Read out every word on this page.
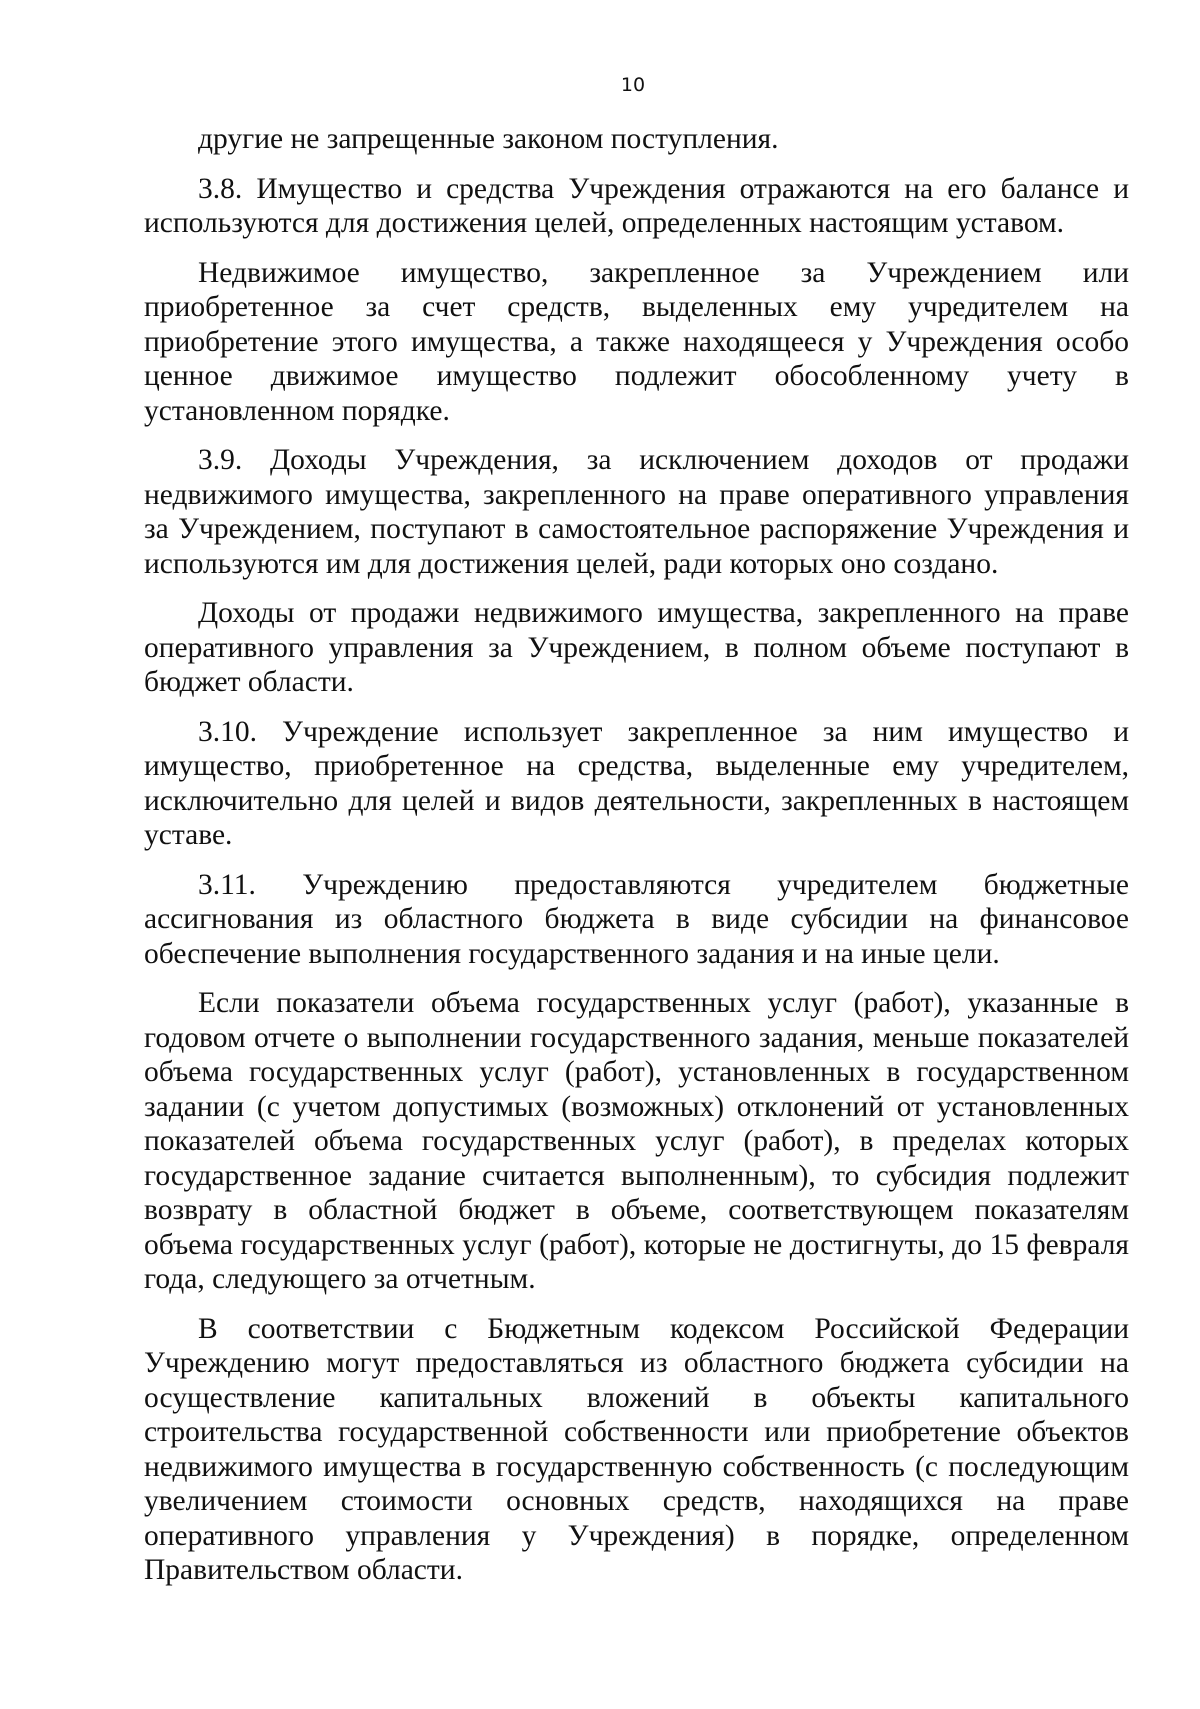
10

другие не запрещенные законом поступления.

3.8. Имущество и средства Учреждения отражаются на его балансе и используются для достижения целей, определенных настоящим уставом.

Недвижимое имущество, закрепленное за Учреждением или приобретенное за счет средств, выделенных ему учредителем на приобретение этого имущества, а также находящееся у Учреждения особо ценное движимое имущество подлежит обособленному учету в установленном порядке.

3.9. Доходы Учреждения, за исключением доходов от продажи недвижимого имущества, закрепленного на праве оперативного управления за Учреждением, поступают в самостоятельное распоряжение Учреждения и используются им для достижения целей, ради которых оно создано.

Доходы от продажи недвижимого имущества, закрепленного на праве оперативного управления за Учреждением, в полном объеме поступают в бюджет области.

3.10. Учреждение использует закрепленное за ним имущество и имущество, приобретенное на средства, выделенные ему учредителем, исключительно для целей и видов деятельности, закрепленных в настоящем уставе.

3.11. Учреждению предоставляются учредителем бюджетные ассигнования из областного бюджета в виде субсидии на финансовое обеспечение выполнения государственного задания и на иные цели.

Если показатели объема государственных услуг (работ), указанные в годовом отчете о выполнении государственного задания, меньше показателей объема государственных услуг (работ), установленных в государственном задании (с учетом допустимых (возможных) отклонений от установленных показателей объема государственных услуг (работ), в пределах которых государственное задание считается выполненным), то субсидия подлежит возврату в областной бюджет в объеме, соответствующем показателям объема государственных услуг (работ), которые не достигнуты, до 15 февраля года, следующего за отчетным.

В соответствии с Бюджетным кодексом Российской Федерации Учреждению могут предоставляться из областного бюджета субсидии на осуществление капитальных вложений в объекты капитального строительства государственной собственности или приобретение объектов недвижимого имущества в государственную собственность (с последующим увеличением стоимости основных средств, находящихся на праве оперативного управления у Учреждения) в порядке, определенном Правительством области.
